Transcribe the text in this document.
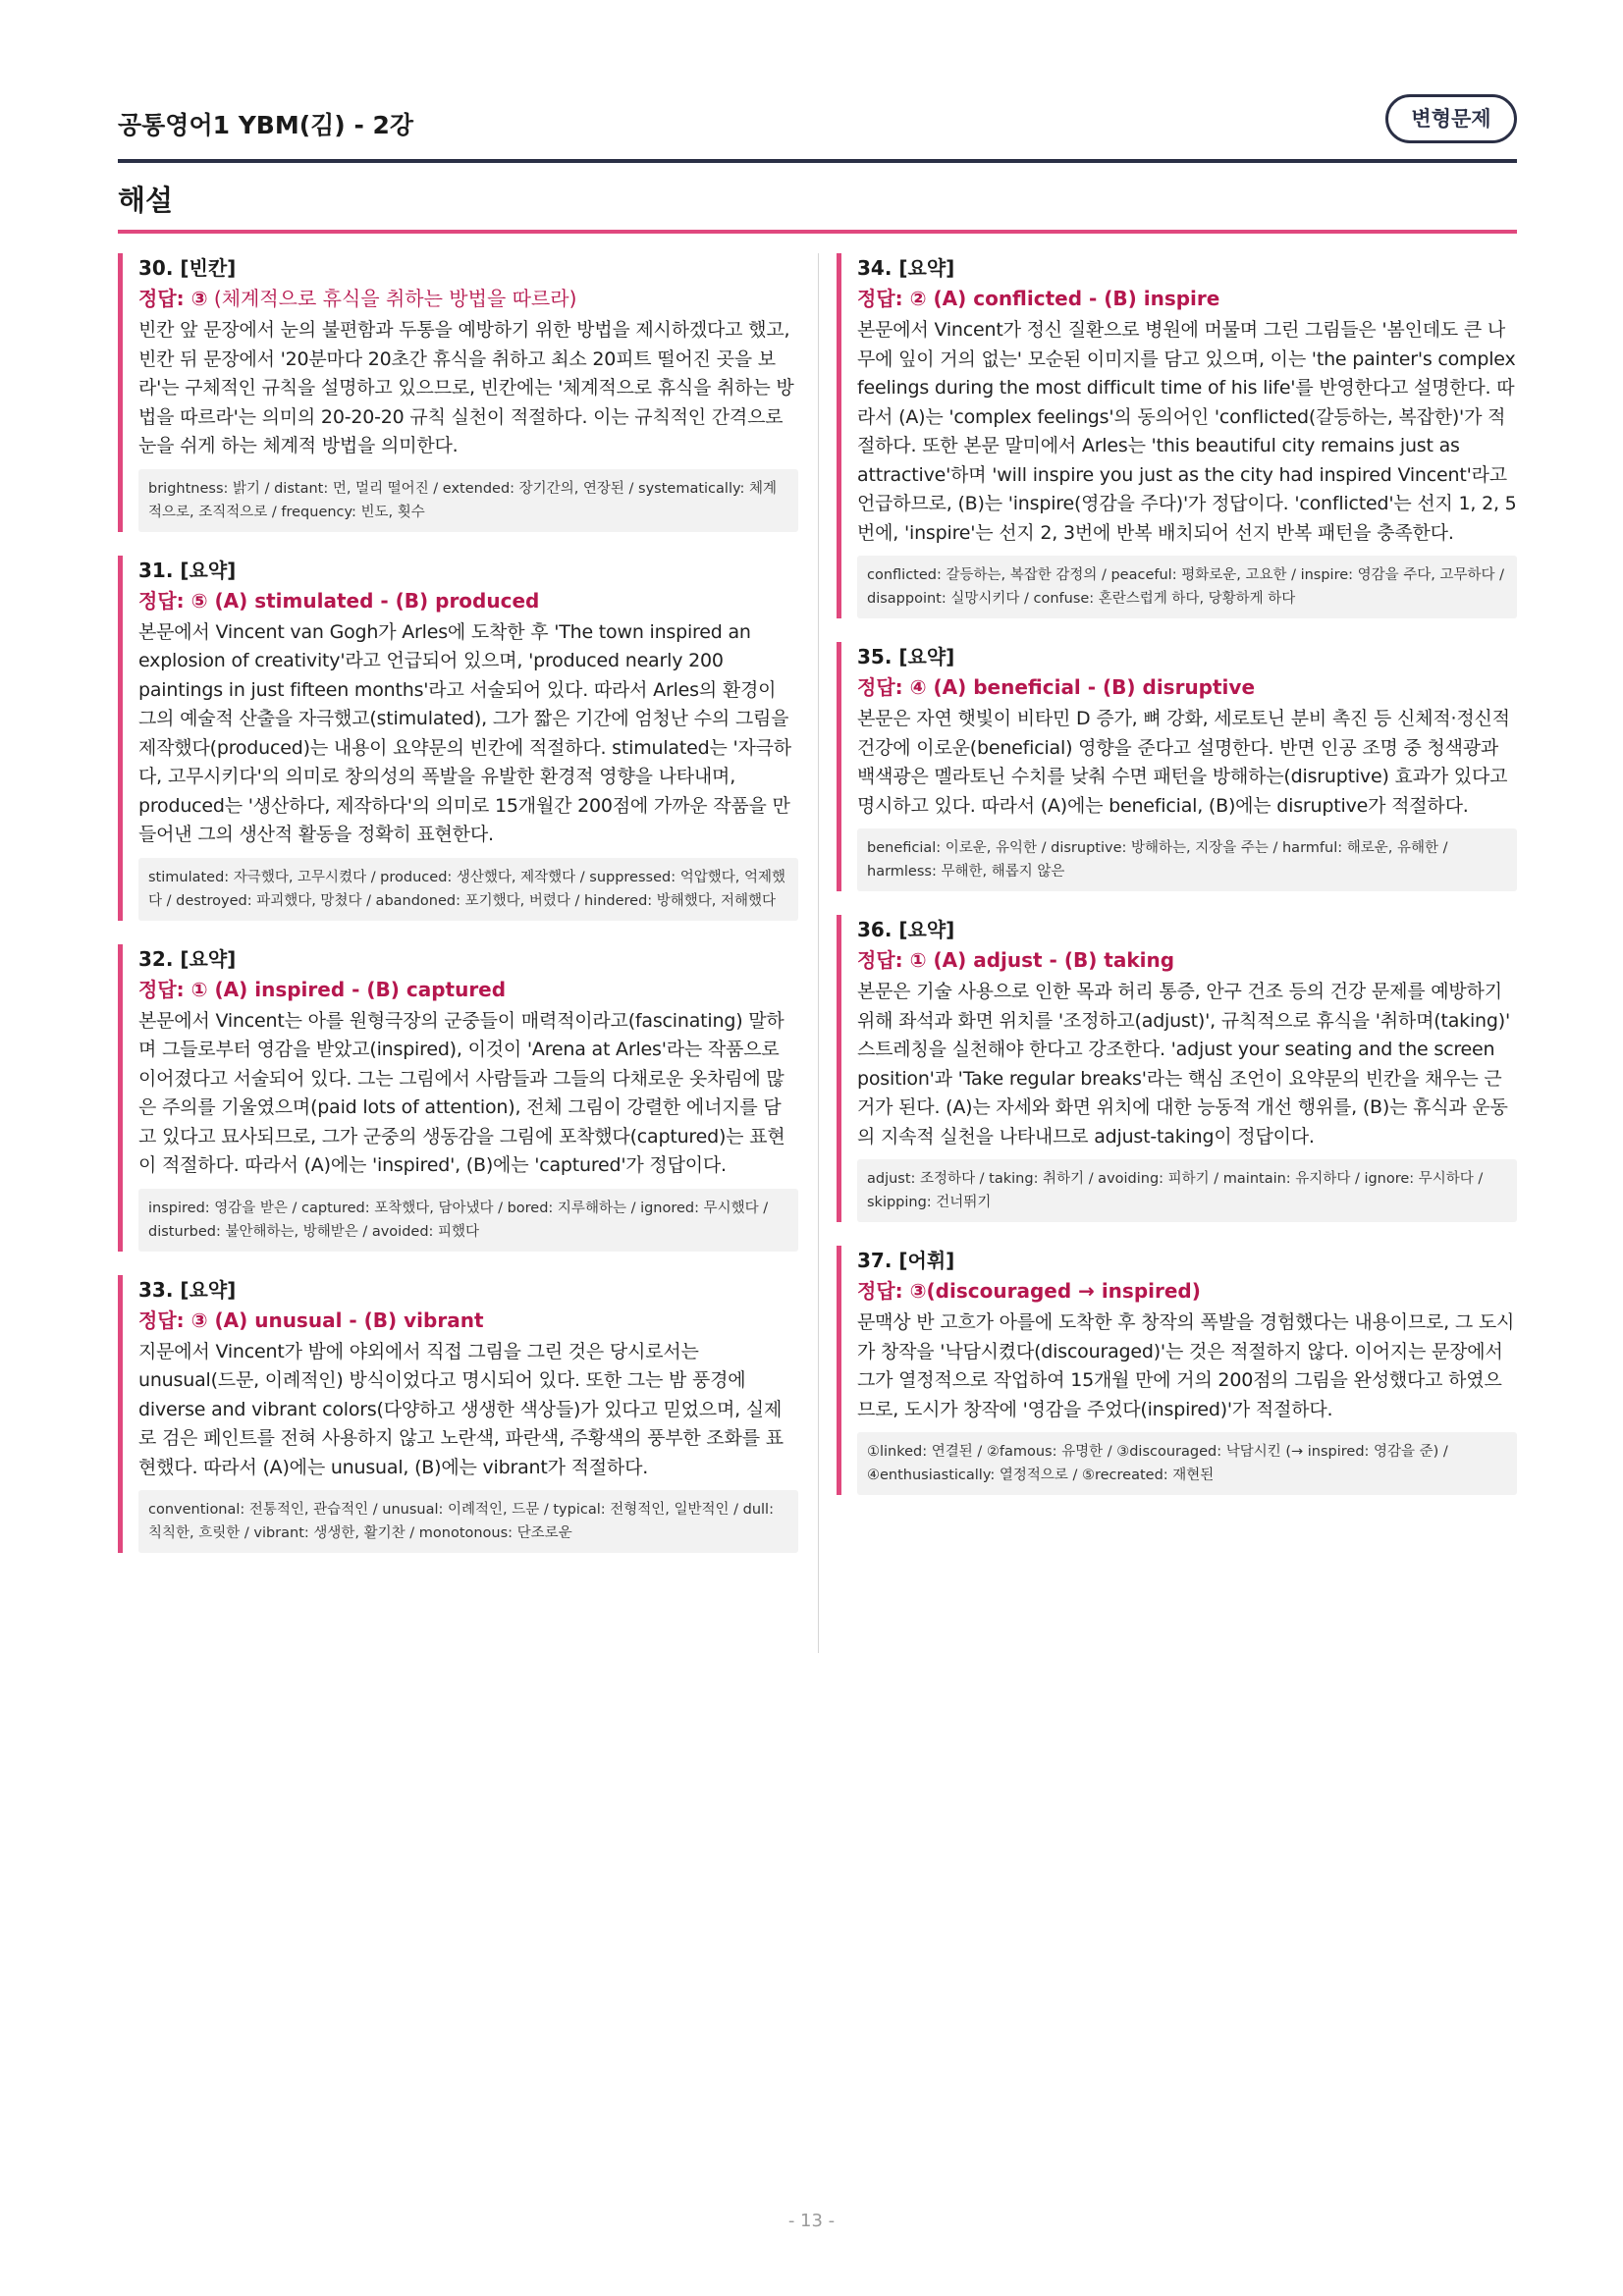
공통영어1 YBM(김) - 2강	변형문제
해설
30. [빈칸]
정답: ③ (체계적으로 휴식을 취하는 방법을 따르라)
빈칸 앞 문장에서 눈의 불편함과 두통을 예방하기 위한 방법을 제시하겠다고 했고, 빈칸 뒤 문장에서 '20분마다 20초간 휴식을 취하고 최소 20피트 떨어진 곳을 보라'는 구체적인 규칙을 설명하고 있으므로, 빈칸에는 '체계적으로 휴식을 취하는 방법을 따르라'는 의미의 20-20-20 규칙 실천이 적절하다. 이는 규칙적인 간격으로 눈을 쉬게 하는 체계적 방법을 의미한다.
brightness: 밝기 / distant: 먼, 멀리 떨어진 / extended: 장기간의, 연장된 / systematically: 체계적으로, 조직적으로 / frequency: 빈도, 횟수
31. [요약]
정답: ⑤ (A) stimulated - (B) produced
본문에서 Vincent van Gogh가 Arles에 도착한 후 'The town inspired an explosion of creativity'라고 언급되어 있으며, 'produced nearly 200 paintings in just fifteen months'라고 서술되어 있다. 따라서 Arles의 환경이 그의 예술적 산출을 자극했고(stimulated), 그가 짧은 기간에 엄청난 수의 그림을 제작했다(produced)는 내용이 요약문의 빈칸에 적절하다. stimulated는 '자극하다, 고무시키다'의 의미로 창의성의 폭발을 유발한 환경적 영향을 나타내며, produced는 '생산하다, 제작하다'의 의미로 15개월간 200점에 가까운 작품을 만들어낸 그의 생산적 활동을 정확히 표현한다.
stimulated: 자극했다, 고무시켰다 / produced: 생산했다, 제작했다 / suppressed: 억압했다, 억제했다 / destroyed: 파괴했다, 망쳤다 / abandoned: 포기했다, 버렸다 / hindered: 방해했다, 저해했다
32. [요약]
정답: ① (A) inspired - (B) captured
본문에서 Vincent는 아를 원형극장의 군중들이 매력적이라고(fascinating) 말하며 그들로부터 영감을 받았고(inspired), 이것이 'Arena at Arles'라는 작품으로 이어졌다고 서술되어 있다. 그는 그림에서 사람들과 그들의 다채로운 옷차림에 많은 주의를 기울였으며(paid lots of attention), 전체 그림이 강렬한 에너지를 담고 있다고 묘사되므로, 그가 군중의 생동감을 그림에 포착했다(captured)는 표현이 적절하다. 따라서 (A)에는 'inspired', (B)에는 'captured'가 정답이다.
inspired: 영감을 받은 / captured: 포착했다, 담아냈다 / bored: 지루해하는 / ignored: 무시했다 / disturbed: 불안해하는, 방해받은 / avoided: 피했다
33. [요약]
정답: ③ (A) unusual - (B) vibrant
지문에서 Vincent가 밤에 야외에서 직접 그림을 그린 것은 당시로서는 unusual(드문, 이례적인) 방식이었다고 명시되어 있다. 또한 그는 밤 풍경에 diverse and vibrant colors(다양하고 생생한 색상들)가 있다고 믿었으며, 실제로 검은 페인트를 전혀 사용하지 않고 노란색, 파란색, 주황색의 풍부한 조화를 표현했다. 따라서 (A)에는 unusual, (B)에는 vibrant가 적절하다.
conventional: 전통적인, 관습적인 / unusual: 이례적인, 드문 / typical: 전형적인, 일반적인 / dull: 칙칙한, 흐릿한 / vibrant: 생생한, 활기찬 / monotonous: 단조로운
34. [요약]
정답: ② (A) conflicted - (B) inspire
본문에서 Vincent가 정신 질환으로 병원에 머물며 그린 그림들은 '봄인데도 큰 나무에 잎이 거의 없는' 모순된 이미지를 담고 있으며, 이는 'the painter's complex feelings during the most difficult time of his life'를 반영한다고 설명한다. 따라서 (A)는 'complex feelings'의 동의어인 'conflicted(갈등하는, 복잡한)'가 적절하다. 또한 본문 말미에서 Arles는 'this beautiful city remains just as attractive'하며 'will inspire you just as the city had inspired Vincent'라고 언급하므로, (B)는 'inspire(영감을 주다)'가 정답이다. 'conflicted'는 선지 1, 2, 5번에, 'inspire'는 선지 2, 3번에 반복 배치되어 선지 반복 패턴을 충족한다.
conflicted: 갈등하는, 복잡한 감정의 / peaceful: 평화로운, 고요한 / inspire: 영감을 주다, 고무하다 / disappoint: 실망시키다 / confuse: 혼란스럽게 하다, 당황하게 하다
35. [요약]
정답: ④ (A) beneficial - (B) disruptive
본문은 자연 햇빛이 비타민 D 증가, 뼈 강화, 세로토닌 분비 촉진 등 신체적·정신적 건강에 이로운(beneficial) 영향을 준다고 설명한다. 반면 인공 조명 중 청색광과 백색광은 멜라토닌 수치를 낮춰 수면 패턴을 방해하는(disruptive) 효과가 있다고 명시하고 있다. 따라서 (A)에는 beneficial, (B)에는 disruptive가 적절하다.
beneficial: 이로운, 유익한 / disruptive: 방해하는, 지장을 주는 / harmful: 해로운, 유해한 / harmless: 무해한, 해롭지 않은
36. [요약]
정답: ① (A) adjust - (B) taking
본문은 기술 사용으로 인한 목과 허리 통증, 안구 건조 등의 건강 문제를 예방하기 위해 좌석과 화면 위치를 '조정하고(adjust)', 규칙적으로 휴식을 '취하며(taking)' 스트레칭을 실천해야 한다고 강조한다. 'adjust your seating and the screen position'과 'Take regular breaks'라는 핵심 조언이 요약문의 빈칸을 채우는 근거가 된다. (A)는 자세와 화면 위치에 대한 능동적 개선 행위를, (B)는 휴식과 운동의 지속적 실천을 나타내므로 adjust-taking이 정답이다.
adjust: 조정하다 / taking: 취하기 / avoiding: 피하기 / maintain: 유지하다 / ignore: 무시하다 / skipping: 건너뛰기
37. [어휘]
정답: ③(discouraged → inspired)
문맥상 반 고흐가 아를에 도착한 후 창작의 폭발을 경험했다는 내용이므로, 그 도시가 창작을 '낙담시켰다(discouraged)'는 것은 적절하지 않다. 이어지는 문장에서 그가 열정적으로 작업하여 15개월 만에 거의 200점의 그림을 완성했다고 하였으므로, 도시가 창작에 '영감을 주었다(inspired)'가 적절하다.
①linked: 연결된 / ②famous: 유명한 / ③discouraged: 낙담시킨 (→ inspired: 영감을 준) / ④enthusiastically: 열정적으로 / ⑤recreated: 재현된
- 13 -
